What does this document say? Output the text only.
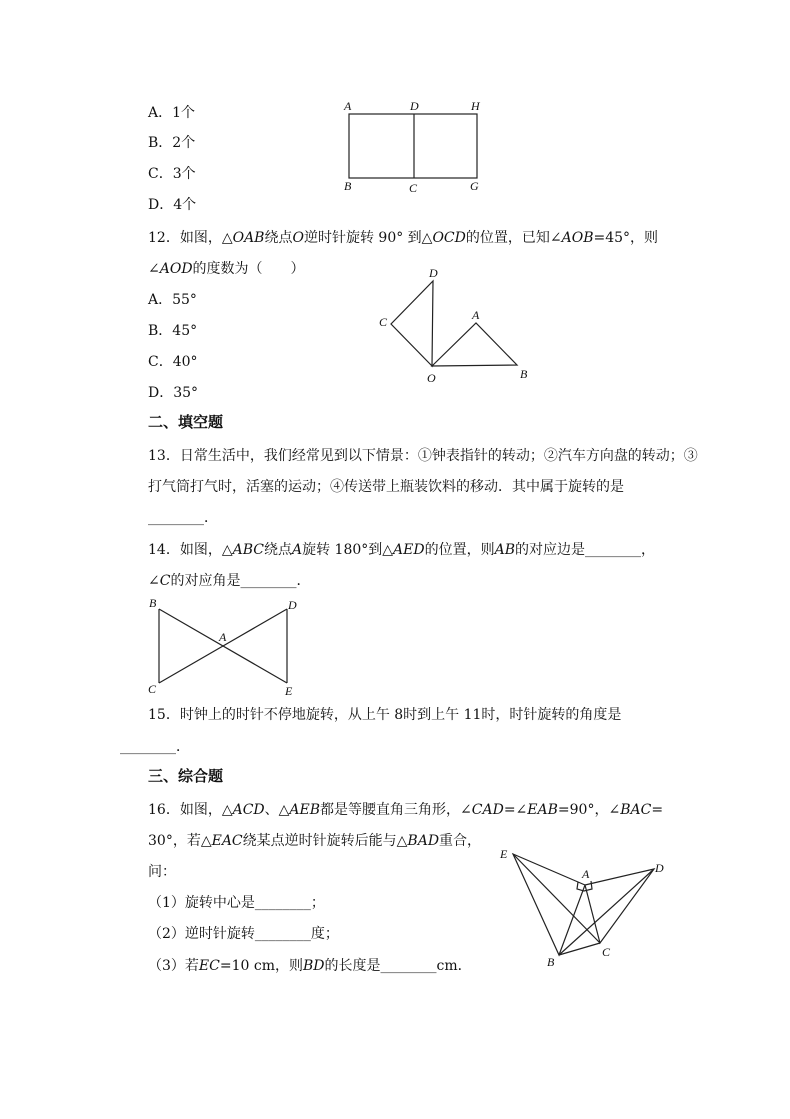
A．1个
B．2个
C．3个
D．4个
A	D	H
B	C	G
12．如图，△OAB绕点O逆时针旋转 90° 到△OCD的位置，已知∠AOB=45°，则
∠AOD的度数为（　　）
A．55°
B．45°
C．40°
D．35°
D
C	A
O	B
二、填空题
13．日常生活中，我们经常见到以下情景：①钟表指针的转动；②汽车方向盘的转动；③
打气筒打气时，活塞的运动；④传送带上瓶装饮料的移动．其中属于旋转的是
________．
14．如图，△ABC绕点A旋转 180°到△AED的位置，则AB的对应边是________，
∠C的对应角是________．
B	D
A
C	E
15．时钟上的时针不停地旋转，从上午 8时到上午 11时，时针旋转的角度是
________．
三、综合题
16．如图，△ACD、△AEB都是等腰直角三角形，∠CAD=∠EAB=90°，∠BAC=
30°，若△EAC绕某点逆时针旋转后能与△BAD重合，
问：
（1）旋转中心是________；
（2）逆时针旋转________度；
（3）若EC=10 cm，则BD的长度是________cm．
E
A	D
B
C
